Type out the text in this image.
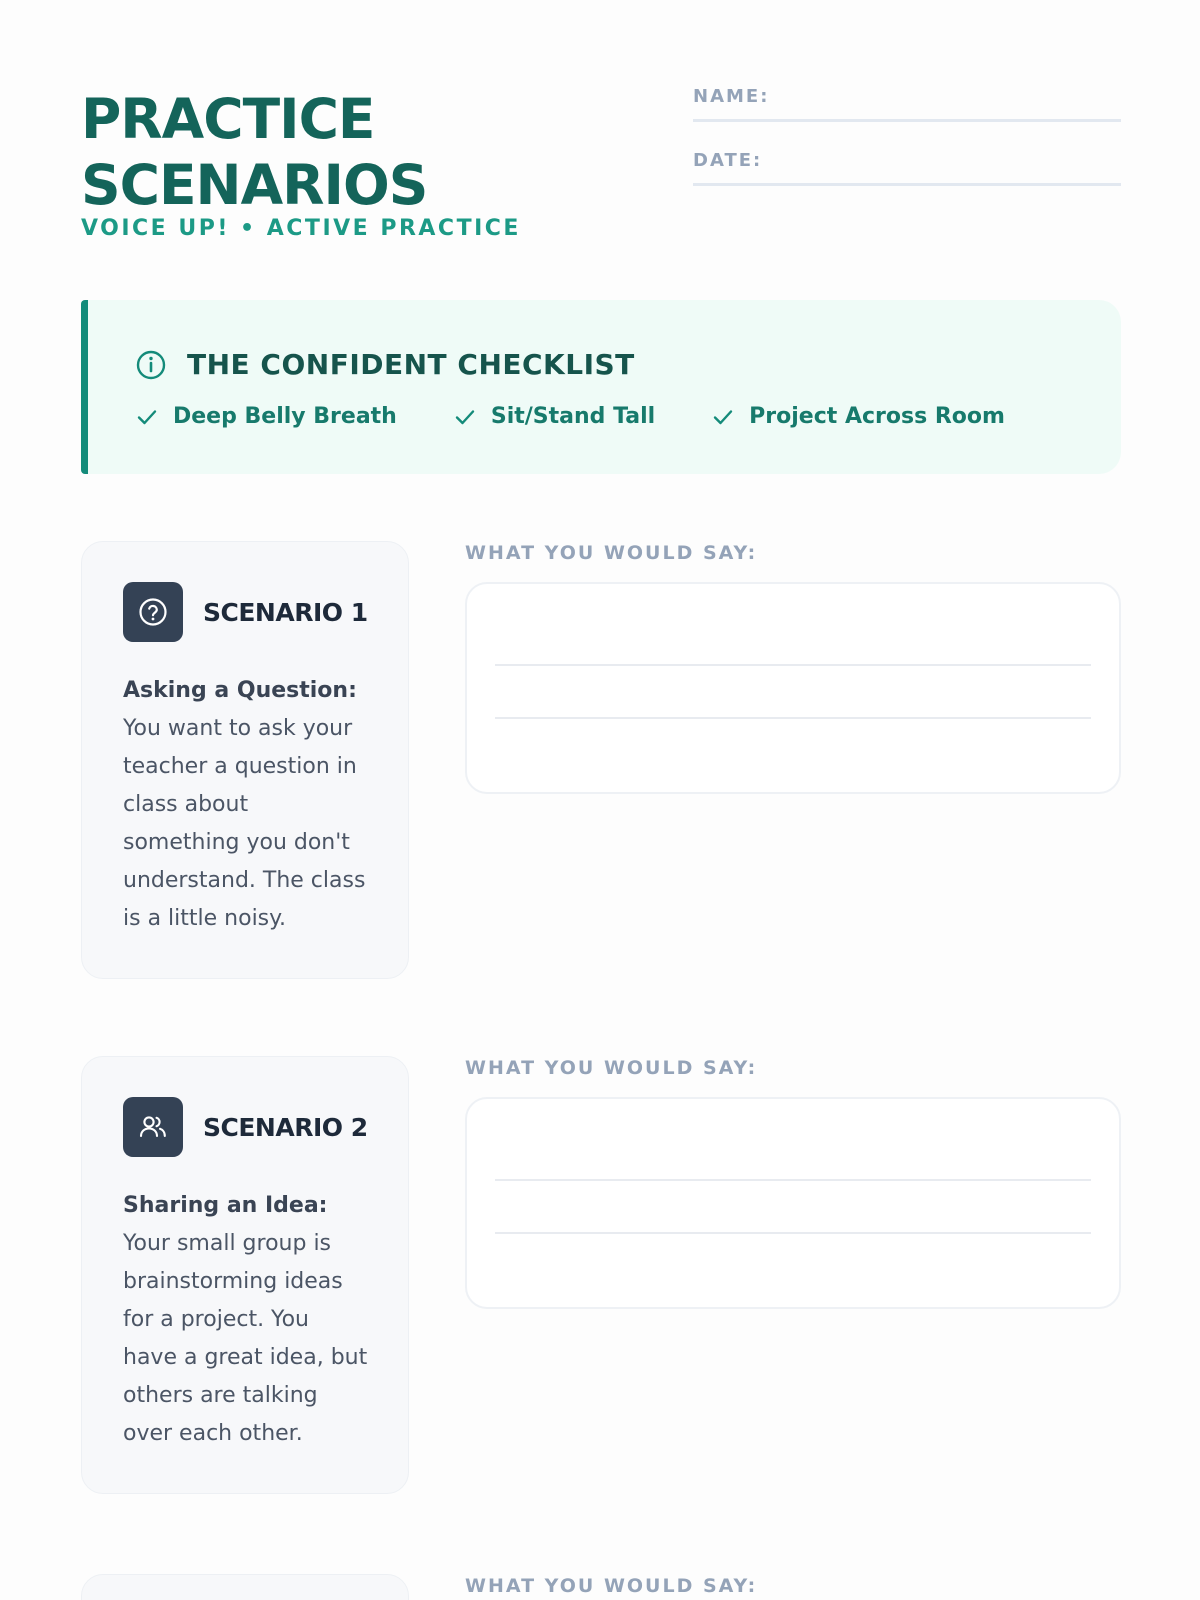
PRACTICE
SCENARIOS
VOICE UP! • ACTIVE PRACTICE
NAME:
DATE:
THE CONFIDENT CHECKLIST
Deep Belly Breath	Sit/Stand Tall	Project Across Room
SCENARIO 1

Asking a Question: You want to ask your teacher a question in class about something you don't understand. The class is a little noisy.

WHAT YOU WOULD SAY:
SCENARIO 2

Sharing an Idea: Your small group is brainstorming ideas for a project. You have a great idea, but others are talking over each other.

WHAT YOU WOULD SAY:
WHAT YOU WOULD SAY:
